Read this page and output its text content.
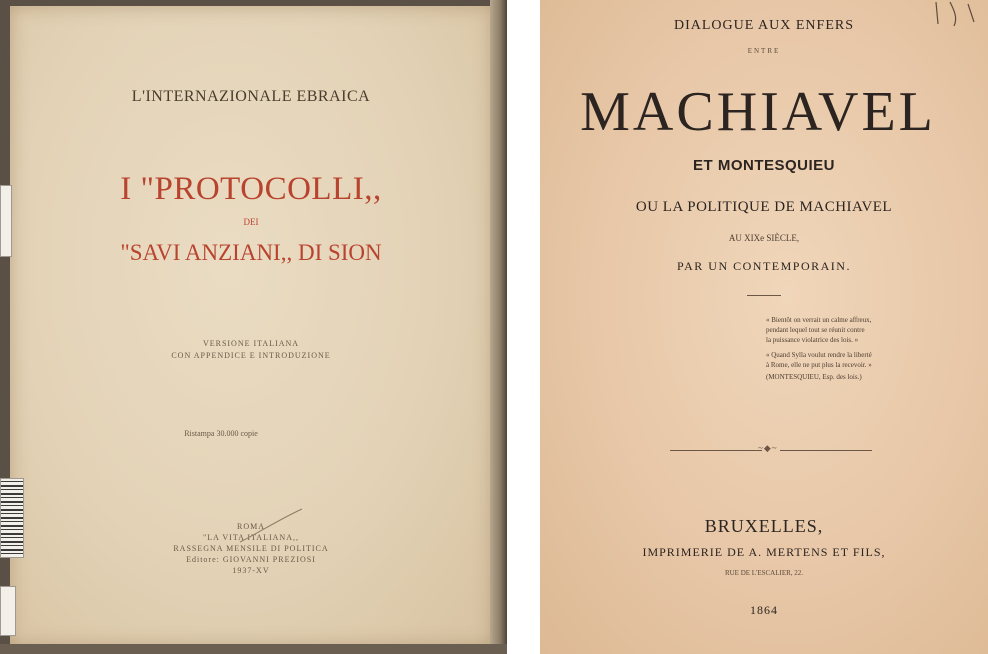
L'INTERNAZIONALE EBRAICA
I "PROTOCOLLI,,
DEI
"SAVI ANZIANI,, DI SION
VERSIONE ITALIANA
CON APPENDICE E INTRODUZIONE
Ristampa 30.000 copie
ROMA
"LA VITA ITALIANA,,
RASSEGNA MENSILE DI POLITICA
Editore: GIOVANNI PREZIOSI
1937-XV
DIALOGUE AUX ENFERS
ENTRE
MACHIAVEL
ET MONTESQUIEU
OU LA POLITIQUE DE MACHIAVEL
AU XIXe SIÈCLE,
PAR UN CONTEMPORAIN.
« Bientôt on verrait un calme affreux,
pendant lequel tout se réunit contre
la puissance violatrice des lois. »
« Quand Sylla voulut rendre la liberté
à Rome, elle ne put plus la recevoir. »
(MONTESQUIEU, Esp. des lois.)
~◆~
BRUXELLES,
IMPRIMERIE DE A. MERTENS ET FILS,
RUE DE L'ESCALIER, 22.
1864
